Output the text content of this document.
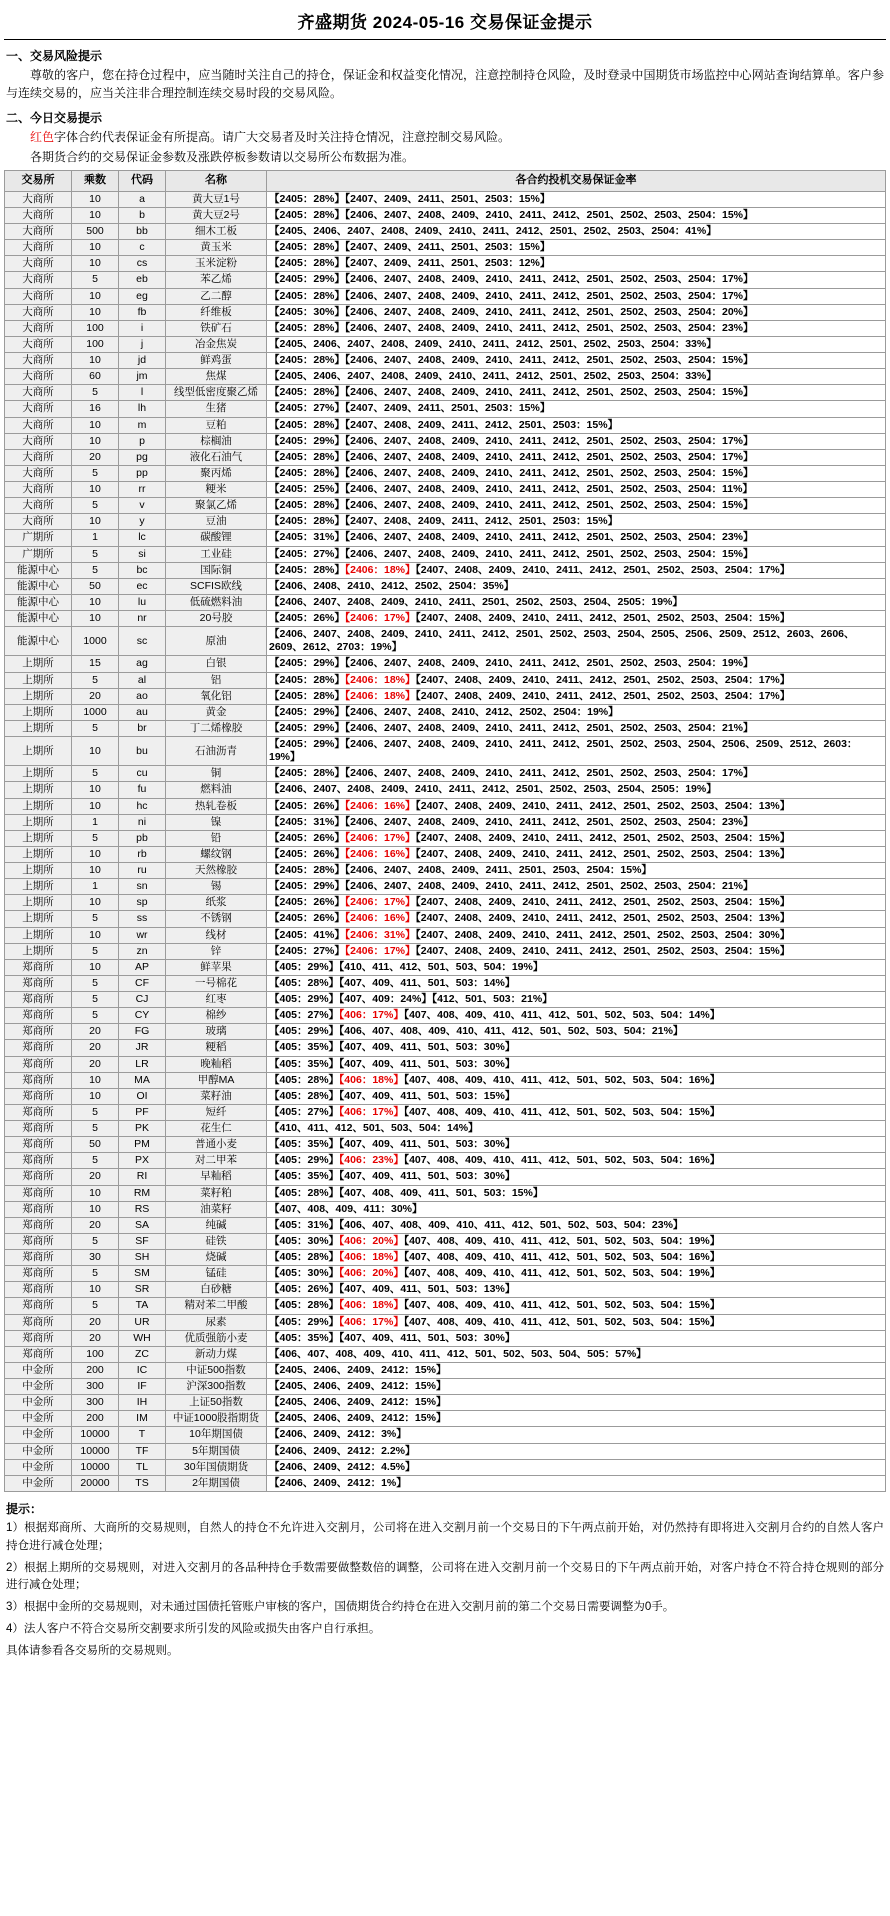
齐盛期货 2024-05-16 交易保证金提示
一、交易风险提示
尊敬的客户，您在持仓过程中，应当随时关注自己的持仓，保证金和权益变化情况，注意控制持仓风险，及时登录中国期货市场监控中心网站查询结算单。客户参与连续交易的，应当关注非合理控制连续交易时段的交易风险。
二、今日交易提示
红色字体合约代表保证金有所提高。请广大交易者及时关注持仓情况，注意控制交易风险。
各期货合约的交易保证金参数及涨跌停板参数请以交易所公布数据为准。
交易所	乘数	代码	名称	各合约投机交易保证金率
大商所	10	a	黄大豆1号	【2405：28%】【2407、2409、2411、2501、2503：15%】
大商所	10	b	黄大豆2号	【2405：28%】【2406、2407、2408、2409、2410、2411、2412、2501、2502、2503、2504：15%】
大商所	500	bb	细木工板	【2405、2406、2407、2408、2409、2410、2411、2412、2501、2502、2503、2504：41%】
大商所	10	c	黄玉米	【2405：28%】【2407、2409、2411、2501、2503：15%】
大商所	10	cs	玉米淀粉	【2405：28%】【2407、2409、2411、2501、2503：12%】
大商所	5	eb	苯乙烯	【2405：29%】【2406、2407、2408、2409、2410、2411、2412、2501、2502、2503、2504：17%】
大商所	10	eg	乙二醇	【2405：28%】【2406、2407、2408、2409、2410、2411、2412、2501、2502、2503、2504：17%】
大商所	10	fb	纤维板	【2405：30%】【2406、2407、2408、2409、2410、2411、2412、2501、2502、2503、2504：20%】
大商所	100	i	铁矿石	【2405：28%】【2406、2407、2408、2409、2410、2411、2412、2501、2502、2503、2504：23%】
大商所	100	j	冶金焦炭	【2405、2406、2407、2408、2409、2410、2411、2412、2501、2502、2503、2504：33%】
大商所	10	jd	鲜鸡蛋	【2405：28%】【2406、2407、2408、2409、2410、2411、2412、2501、2502、2503、2504：15%】
大商所	60	jm	焦煤	【2405、2406、2407、2408、2409、2410、2411、2412、2501、2502、2503、2504：33%】
大商所	5	l	线型低密度聚乙烯	【2405：28%】【2406、2407、2408、2409、2410、2411、2412、2501、2502、2503、2504：15%】
大商所	16	lh	生猪	【2405：27%】【2407、2409、2411、2501、2503：15%】
大商所	10	m	豆粕	【2405：28%】【2407、2408、2409、2411、2412、2501、2503：15%】
大商所	10	p	棕榈油	【2405：29%】【2406、2407、2408、2409、2410、2411、2412、2501、2502、2503、2504：17%】
大商所	20	pg	液化石油气	【2405：28%】【2406、2407、2408、2409、2410、2411、2412、2501、2502、2503、2504：17%】
大商所	5	pp	聚丙烯	【2405：28%】【2406、2407、2408、2409、2410、2411、2412、2501、2502、2503、2504：15%】
大商所	10	rr	粳米	【2405：25%】【2406、2407、2408、2409、2410、2411、2412、2501、2502、2503、2504：11%】
大商所	5	v	聚氯乙烯	【2405：28%】【2406、2407、2408、2409、2410、2411、2412、2501、2502、2503、2504：15%】
大商所	10	y	豆油	【2405：28%】【2407、2408、2409、2411、2412、2501、2503：15%】
广期所	1	lc	碳酸锂	【2405：31%】【2406、2407、2408、2409、2410、2411、2412、2501、2502、2503、2504：23%】
广期所	5	si	工业硅	【2405：27%】【2406、2407、2408、2409、2410、2411、2412、2501、2502、2503、2504：15%】
能源中心	5	bc	国际铜	【2405：28%】【2406：18%】【2407、2408、2409、2410、2411、2412、2501、2502、2503、2504：17%】
能源中心	50	ec	SCFIS欧线	【2406、2408、2410、2412、2502、2504：35%】
能源中心	10	lu	低硫燃料油	【2406、2407、2408、2409、2410、2411、2501、2502、2503、2504、2505：19%】
能源中心	10	nr	20号胶	【2405：26%】【2406：17%】【2407、2408、2409、2410、2411、2412、2501、2502、2503、2504：15%】
能源中心	1000	sc	原油	【2406、2407、2408、2409、2410、2411、2412、2501、2502、2503、2504、2505、2506、2509、2512、2603、2606、2609、2612、2703：19%】
上期所	15	ag	白银	【2405：29%】【2406、2407、2408、2409、2410、2411、2412、2501、2502、2503、2504：19%】
上期所	5	al	铝	【2405：28%】【2406：18%】【2407、2408、2409、2410、2411、2412、2501、2502、2503、2504：17%】
上期所	20	ao	氧化铝	【2405：28%】【2406：18%】【2407、2408、2409、2410、2411、2412、2501、2502、2503、2504：17%】
上期所	1000	au	黄金	【2405：29%】【2406、2407、2408、2410、2412、2502、2504：19%】
上期所	5	br	丁二烯橡胶	【2405：29%】【2406、2407、2408、2409、2410、2411、2412、2501、2502、2503、2504：21%】
上期所	10	bu	石油沥青	【2405：29%】【2406、2407、2408、2409、2410、2411、2412、2501、2502、2503、2504、2506、2509、2512、2603：19%】
上期所	5	cu	铜	【2405：28%】【2406、2407、2408、2409、2410、2411、2412、2501、2502、2503、2504：17%】
上期所	10	fu	燃料油	【2406、2407、2408、2409、2410、2411、2412、2501、2502、2503、2504、2505：19%】
上期所	10	hc	热轧卷板	【2405：26%】【2406：16%】【2407、2408、2409、2410、2411、2412、2501、2502、2503、2504：13%】
上期所	1	ni	镍	【2405：31%】【2406、2407、2408、2409、2410、2411、2412、2501、2502、2503、2504：23%】
上期所	5	pb	铅	【2405：26%】【2406：17%】【2407、2408、2409、2410、2411、2412、2501、2502、2503、2504：15%】
上期所	10	rb	螺纹钢	【2405：26%】【2406：16%】【2407、2408、2409、2410、2411、2412、2501、2502、2503、2504：13%】
上期所	10	ru	天然橡胶	【2405：28%】【2406、2407、2408、2409、2411、2501、2503、2504：15%】
上期所	1	sn	锡	【2405：29%】【2406、2407、2408、2409、2410、2411、2412、2501、2502、2503、2504：21%】
上期所	10	sp	纸浆	【2405：26%】【2406：17%】【2407、2408、2409、2410、2411、2412、2501、2502、2503、2504：15%】
上期所	5	ss	不锈钢	【2405：26%】【2406：16%】【2407、2408、2409、2410、2411、2412、2501、2502、2503、2504：13%】
上期所	10	wr	线材	【2405：41%】【2406：31%】【2407、2408、2409、2410、2411、2412、2501、2502、2503、2504：30%】
上期所	5	zn	锌	【2405：27%】【2406：17%】【2407、2408、2409、2410、2411、2412、2501、2502、2503、2504：15%】
郑商所	10	AP	鲜苹果	【405：29%】【410、411、412、501、503、504：19%】
郑商所	5	CF	一号棉花	【405：28%】【407、409、411、501、503：14%】
郑商所	5	CJ	红枣	【405：29%】【407、409：24%】【412、501、503：21%】
郑商所	5	CY	棉纱	【405：27%】【406：17%】【407、408、409、410、411、412、501、502、503、504：14%】
郑商所	20	FG	玻璃	【405：29%】【406、407、408、409、410、411、412、501、502、503、504：21%】
郑商所	20	JR	粳稻	【405：35%】【407、409、411、501、503：30%】
郑商所	20	LR	晚籼稻	【405：35%】【407、409、411、501、503：30%】
郑商所	10	MA	甲醇MA	【405：28%】【406：18%】【407、408、409、410、411、412、501、502、503、504：16%】
郑商所	10	OI	菜籽油	【405：28%】【407、409、411、501、503：15%】
郑商所	5	PF	短纤	【405：27%】【406：17%】【407、408、409、410、411、412、501、502、503、504：15%】
郑商所	5	PK	花生仁	【410、411、412、501、503、504：14%】
郑商所	50	PM	普通小麦	【405：35%】【407、409、411、501、503：30%】
郑商所	5	PX	对二甲苯	【405：29%】【406：23%】【407、408、409、410、411、412、501、502、503、504：16%】
郑商所	20	RI	早籼稻	【405：35%】【407、409、411、501、503：30%】
郑商所	10	RM	菜籽粕	【405：28%】【407、408、409、411、501、503：15%】
郑商所	10	RS	油菜籽	【407、408、409、411：30%】
郑商所	20	SA	纯碱	【405：31%】【406、407、408、409、410、411、412、501、502、503、504：23%】
郑商所	5	SF	硅铁	【405：30%】【406：20%】【407、408、409、410、411、412、501、502、503、504：19%】
郑商所	30	SH	烧碱	【405：28%】【406：18%】【407、408、409、410、411、412、501、502、503、504：16%】
郑商所	5	SM	锰硅	【405：30%】【406：20%】【407、408、409、410、411、412、501、502、503、504：19%】
郑商所	10	SR	白砂糖	【405：26%】【407、409、411、501、503：13%】
郑商所	5	TA	精对苯二甲酸	【405：28%】【406：18%】【407、408、409、410、411、412、501、502、503、504：15%】
郑商所	20	UR	尿素	【405：29%】【406：17%】【407、408、409、410、411、412、501、502、503、504：15%】
郑商所	20	WH	优质强筋小麦	【405：35%】【407、409、411、501、503：30%】
郑商所	100	ZC	新动力煤	【406、407、408、409、410、411、412、501、502、503、504、505：57%】
中金所	200	IC	中证500指数	【2405、2406、2409、2412：15%】
中金所	300	IF	沪深300指数	【2405、2406、2409、2412：15%】
中金所	300	IH	上证50指数	【2405、2406、2409、2412：15%】
中金所	200	IM	中证1000股指期货	【2405、2406、2409、2412：15%】
中金所	10000	T	10年期国债	【2406、2409、2412：3%】
中金所	10000	TF	5年期国债	【2406、2409、2412：2.2%】
中金所	10000	TL	30年国债期货	【2406、2409、2412：4.5%】
中金所	20000	TS	2年期国债	【2406、2409、2412：1%】
提示：
1）根据郑商所、大商所的交易规则，自然人的持仓不允许进入交割月，公司将在进入交割月前一个交易日的下午两点前开始，对仍然持有即将进入交割月合约的自然人客户持仓进行减仓处理；
2）根据上期所的交易规则，对进入交割月的各品种持仓手数需要做整数倍的调整，公司将在进入交割月前一个交易日的下午两点前开始，对客户持仓不符合持仓规则的部分进行减仓处理；
3）根据中金所的交易规则，对未通过国债托管账户审核的客户，国债期货合约持仓在进入交割月前的第二个交易日需要调整为0手。
4）法人客户不符合交易所交割要求所引发的风险或损失由客户自行承担。
具体请参看各交易所的交易规则。
